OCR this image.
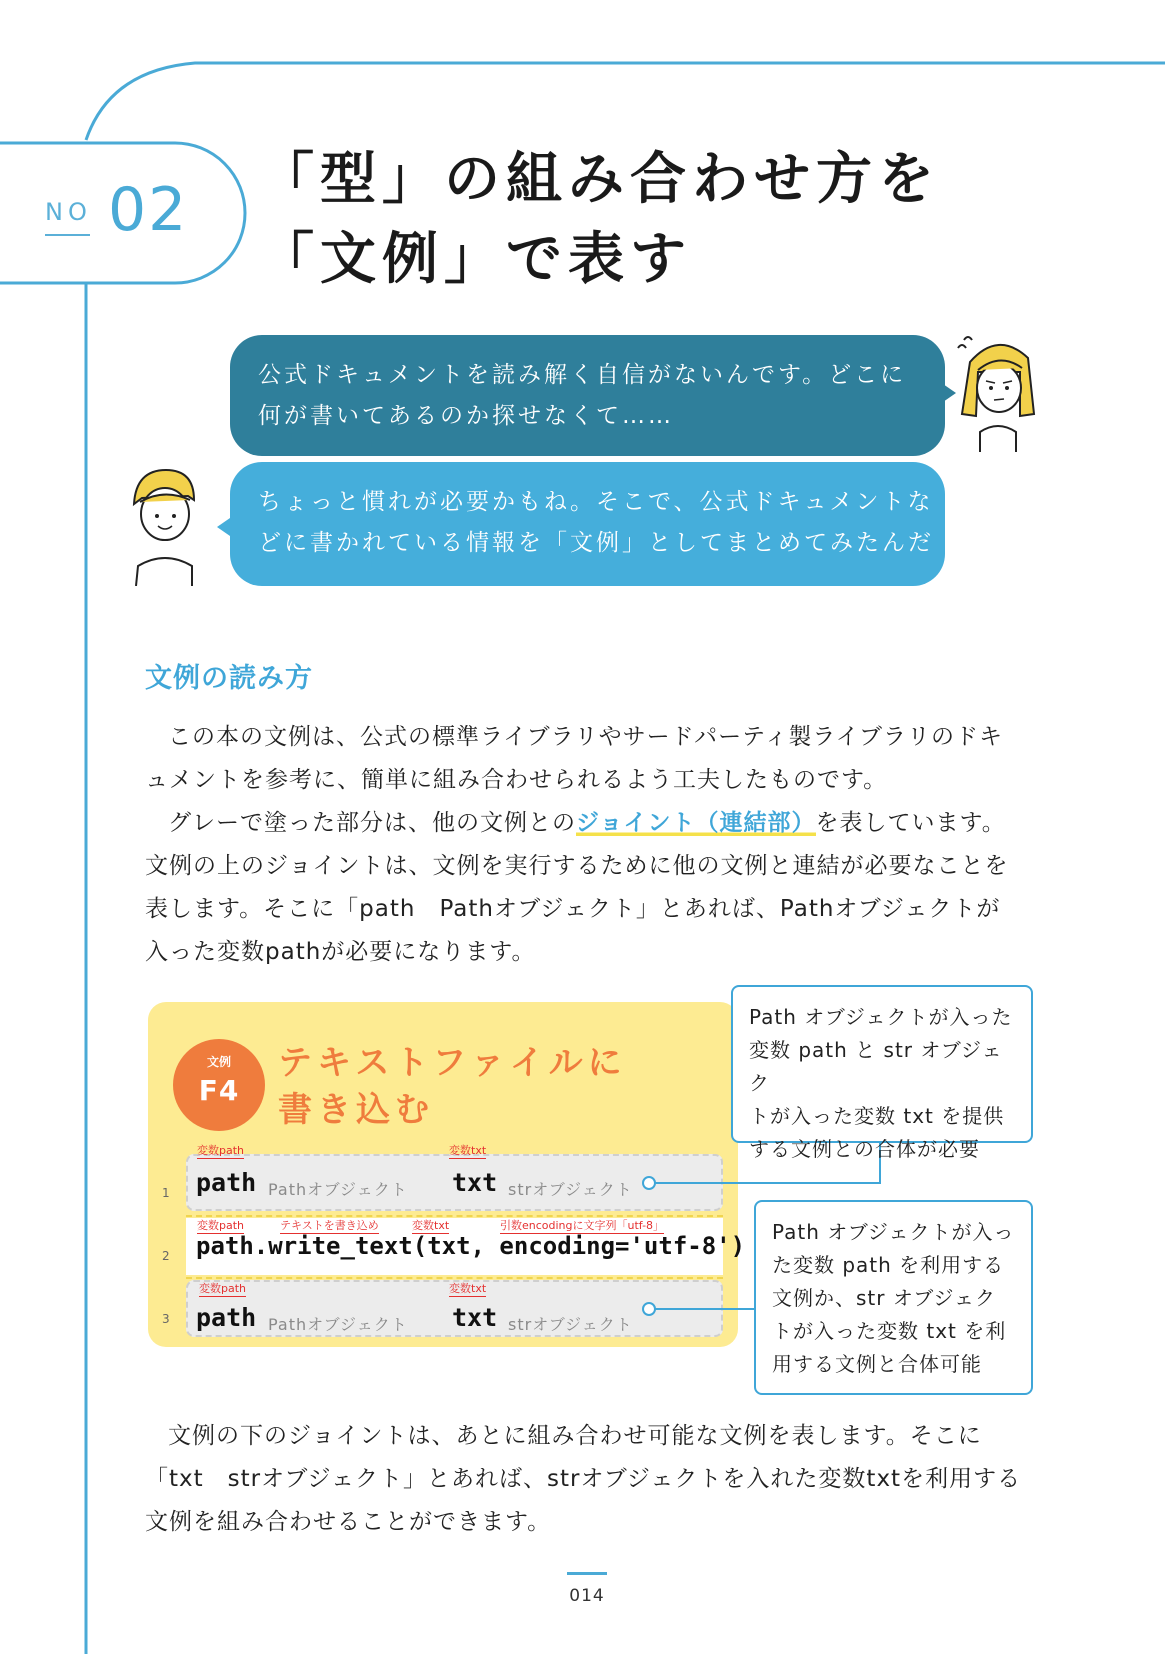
NO 02 「型」の組み合わせ方を
「文例」で表す
公式ドキュメントを読み解く自信がないんです。どこに
何が書いてあるのか探せなくて……
ちょっと慣れが必要かもね。そこで、公式ドキュメントな
どに書かれている情報を「文例」としてまとめてみたんだ
文例の読み方
この本の文例は、公式の標準ライブラリやサードパーティ製ライブラリのドキ
ュメントを参考に、簡単に組み合わせられるよう工夫したものです。
グレーで塗った部分は、他の文例とのジョイント（連結部）を表しています。
文例の上のジョイントは、文例を実行するために他の文例と連結が必要なことを
表します。そこに「path　Pathオブジェクト」とあれば、Pathオブジェクトが
入った変数pathが必要になります。
文例
F4
テキストファイルに
書き込む
1
変数path	変数txt
path Pathオブジェクト txt strオブジェクト
2
変数path	テキストを書き込め	変数txt	引数encodingに文字列「utf-8」
path.write_text(txt, encoding='utf-8')
3
変数path	変数txt
path Pathオブジェクト txt strオブジェクト
Path オブジェクトが入った
変数 path と str オブジェク
トが入った変数 txt を提供
する文例との合体が必要
Path オブジェクトが入っ
た変数 path を利用する
文例か、str オブジェク
トが入った変数 txt を利
用する文例と合体可能
文例の下のジョイントは、あとに組み合わせ可能な文例を表します。そこに
「txt　strオブジェクト」とあれば、strオブジェクトを入れた変数txtを利用する
文例を組み合わせることができます。
014
